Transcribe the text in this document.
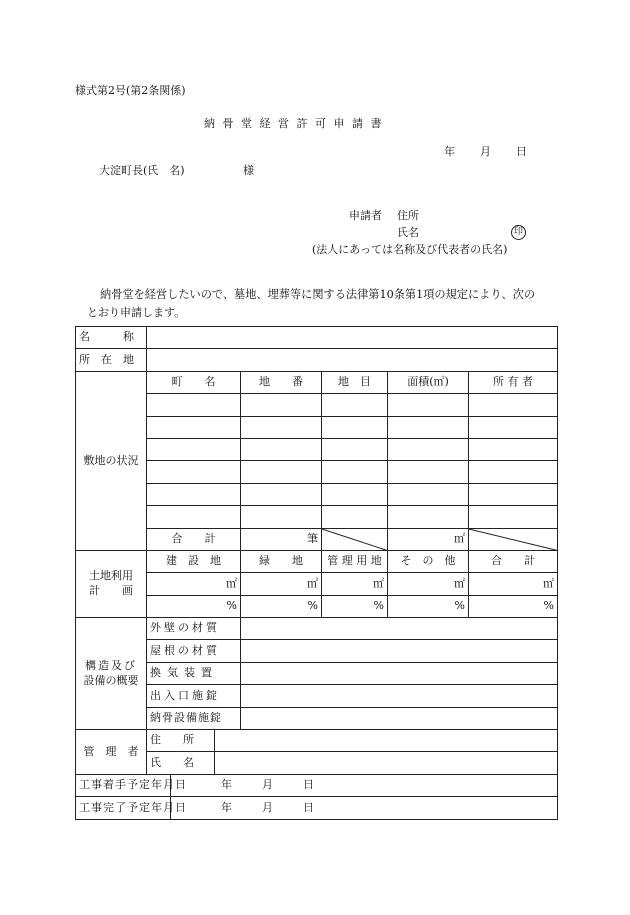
様式第2号(第2条関係)
納 骨 堂 経 営 許 可 申 請 書
年 月 日
大淀町長(氏　名)	様
申請者 住所
氏名	印
(法人にあっては名称及び代表者の氏名)
納骨堂を経営したいので、墓地、埋葬等に関する法律第10条第1項の規定により、次の
とおり申請します。
名　　　称							
所　在　地							
敷地の状況	町　　名			地　　番	地　目	面積(㎡)	所 有 者

	合　　計			筆		㎡	

土地利用
計　　画	建　設　地			緑　　地	管 理 用 地	そ　の　他	合　　計
	㎡			㎡	㎡	㎡	㎡
	%			%	%	%	%

構造及び
設備の概要	外壁の材質						
	屋根の材質						
	換気装置						
	出入口施錠						
	納骨設備施錠						
管　理　者	住　　所						
	氏　　名						
工事着手予定年月日		年 月 日					
工事完了予定年月日		年 月 日					
